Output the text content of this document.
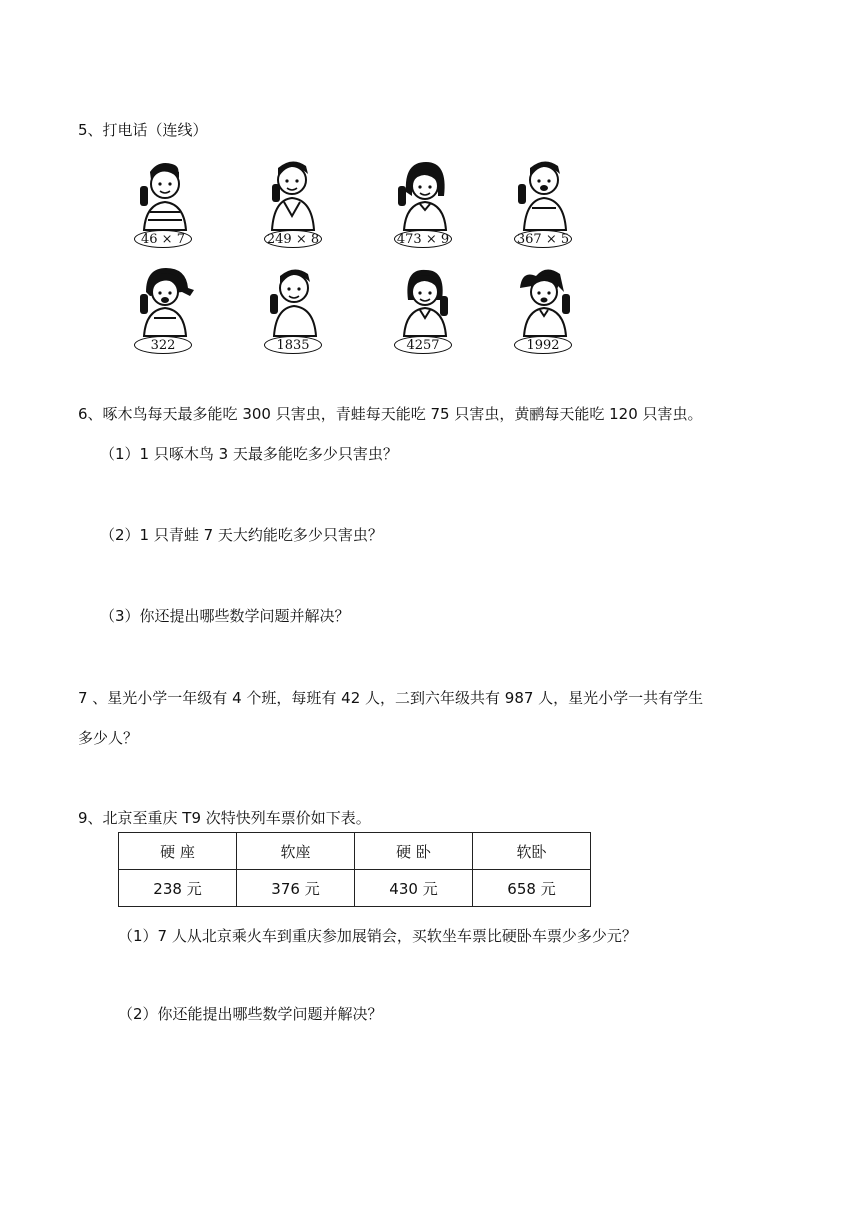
5、打电话（连线）
46 × 7	249 × 8	473 × 9	367 × 5
322	1835	4257	1992
6、啄木鸟每天最多能吃 300 只害虫，青蛙每天能吃 75 只害虫，黄鹂每天能吃 120 只害虫。
（1）1 只啄木鸟 3 天最多能吃多少只害虫？
（2）1 只青蛙 7 天大约能吃多少只害虫？
（3）你还提出哪些数学问题并解决？
7 、星光小学一年级有 4 个班，每班有 42 人，二到六年级共有 987 人，星光小学一共有学生
多少人？
9、北京至重庆 T9 次特快列车票价如下表。
硬 座	软座	硬 卧	软卧
238 元	376 元	430 元	658 元
（1）7 人从北京乘火车到重庆参加展销会，买软坐车票比硬卧车票少多少元？
（2）你还能提出哪些数学问题并解决？
